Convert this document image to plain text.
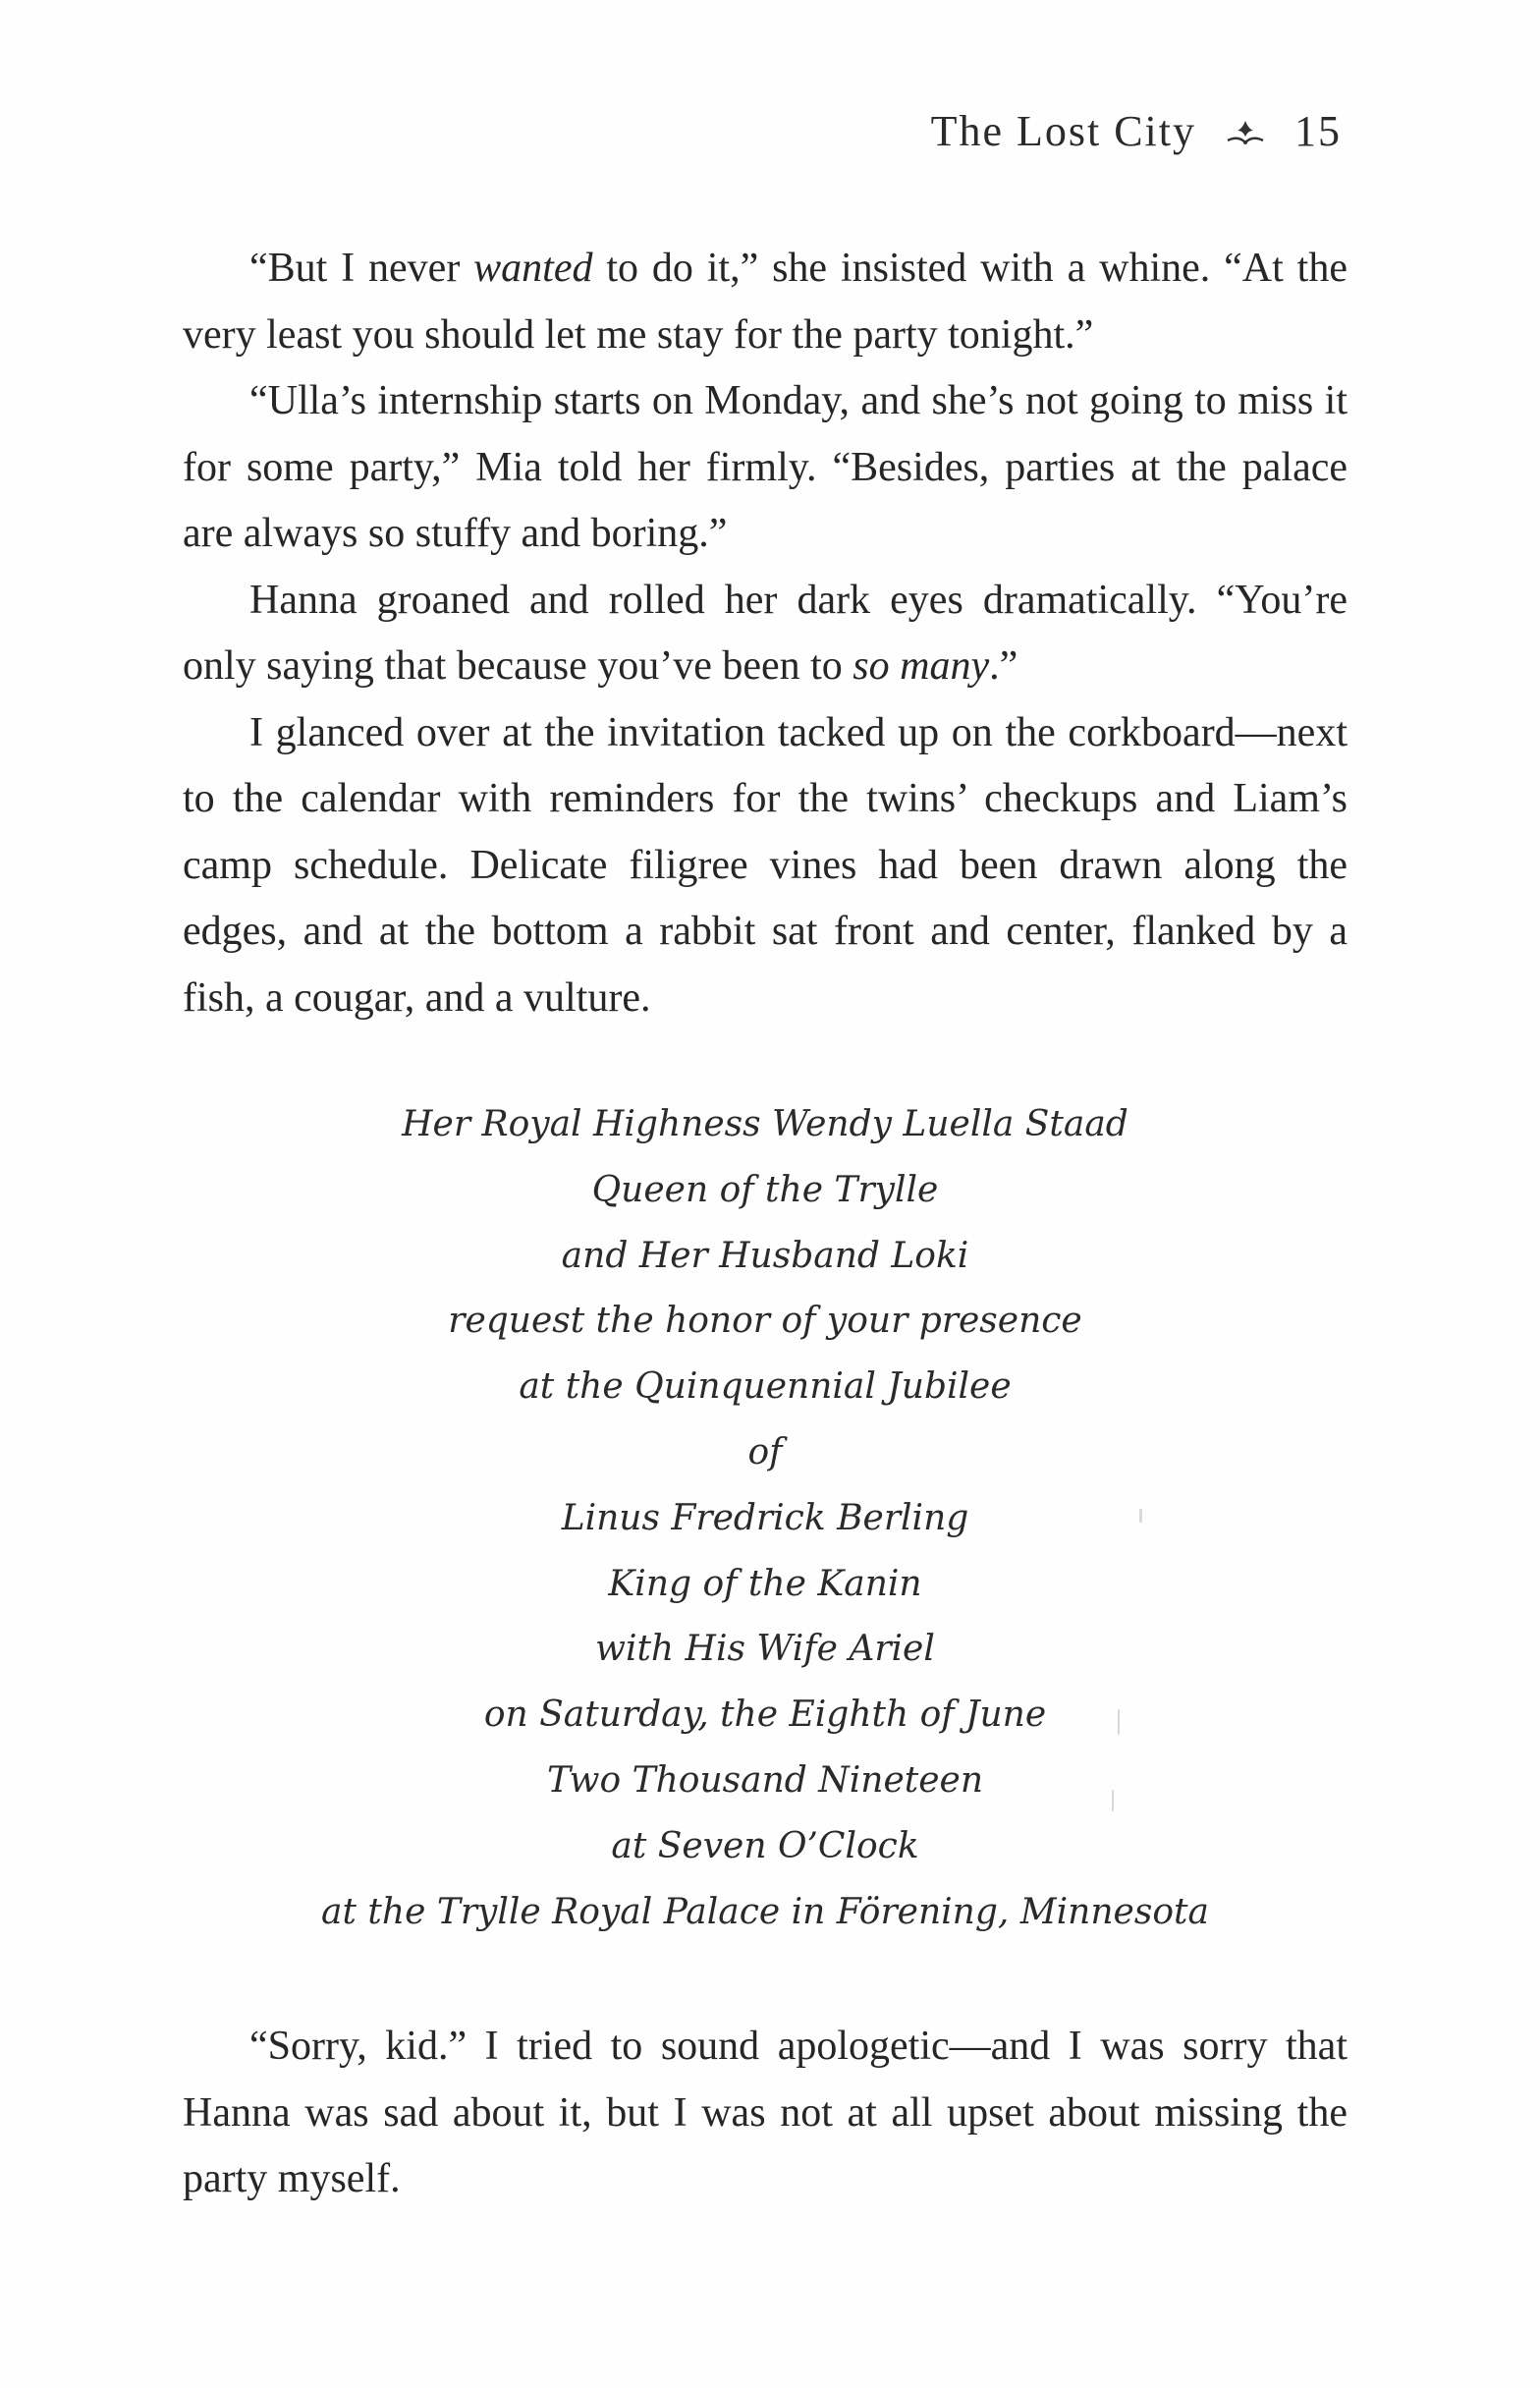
The Lost City 15

“But I never wanted to do it,” she insisted with a whine. “At the very least you should let me stay for the party tonight.”

“Ulla’s internship starts on Monday, and she’s not going to miss it for some party,” Mia told her firmly. “Besides, parties at the palace are always so stuffy and boring.”

Hanna groaned and rolled her dark eyes dramatically. “You’re only saying that because you’ve been to so many.”

I glanced over at the invitation tacked up on the corkboard—next to the calendar with reminders for the twins’ checkups and Liam’s camp schedule. Delicate filigree vines had been drawn along the edges, and at the bottom a rabbit sat front and center, flanked by a fish, a cougar, and a vulture.

Her Royal Highness Wendy Luella Staad
Queen of the Trylle
and Her Husband Loki
request the honor of your presence
at the Quinquennial Jubilee
of
Linus Fredrick Berling
King of the Kanin
with His Wife Ariel
on Saturday, the Eighth of June
Two Thousand Nineteen
at Seven O’Clock
at the Trylle Royal Palace in Förening, Minnesota

“Sorry, kid.” I tried to sound apologetic—and I was sorry that Hanna was sad about it, but I was not at all upset about missing the party myself.
